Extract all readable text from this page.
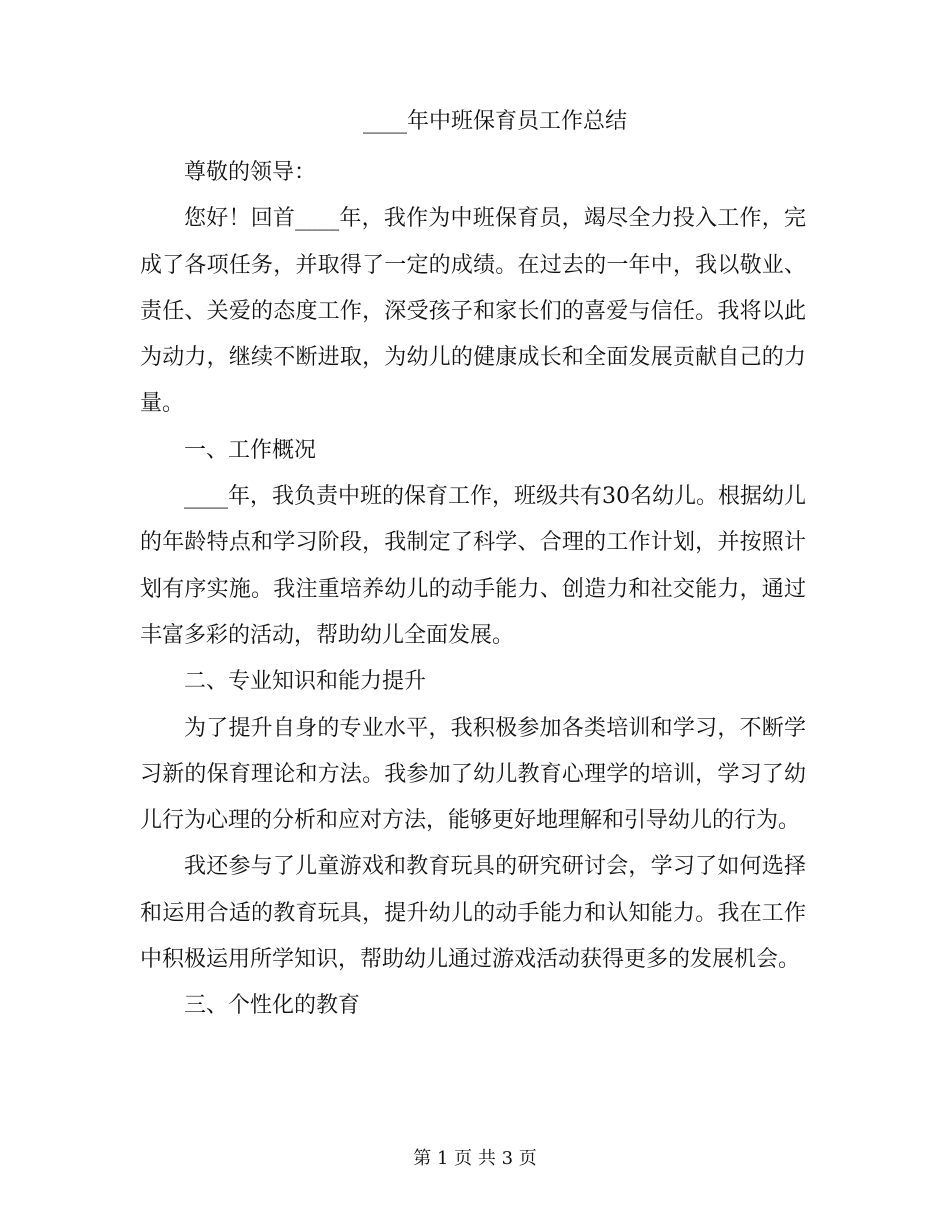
____年中班保育员工作总结

尊敬的领导：

您好！回首____年，我作为中班保育员，竭尽全力投入工作，完成了各项任务，并取得了一定的成绩。在过去的一年中，我以敬业、责任、关爱的态度工作，深受孩子和家长们的喜爱与信任。我将以此为动力，继续不断进取，为幼儿的健康成长和全面发展贡献自己的力量。

一、工作概况

____年，我负责中班的保育工作，班级共有30名幼儿。根据幼儿的年龄特点和学习阶段，我制定了科学、合理的工作计划，并按照计划有序实施。我注重培养幼儿的动手能力、创造力和社交能力，通过丰富多彩的活动，帮助幼儿全面发展。

二、专业知识和能力提升

为了提升自身的专业水平，我积极参加各类培训和学习，不断学习新的保育理论和方法。我参加了幼儿教育心理学的培训，学习了幼儿行为心理的分析和应对方法，能够更好地理解和引导幼儿的行为。

我还参与了儿童游戏和教育玩具的研究研讨会，学习了如何选择和运用合适的教育玩具，提升幼儿的动手能力和认知能力。我在工作中积极运用所学知识，帮助幼儿通过游戏活动获得更多的发展机会。

三、个性化的教育

第 1 页 共 3 页
